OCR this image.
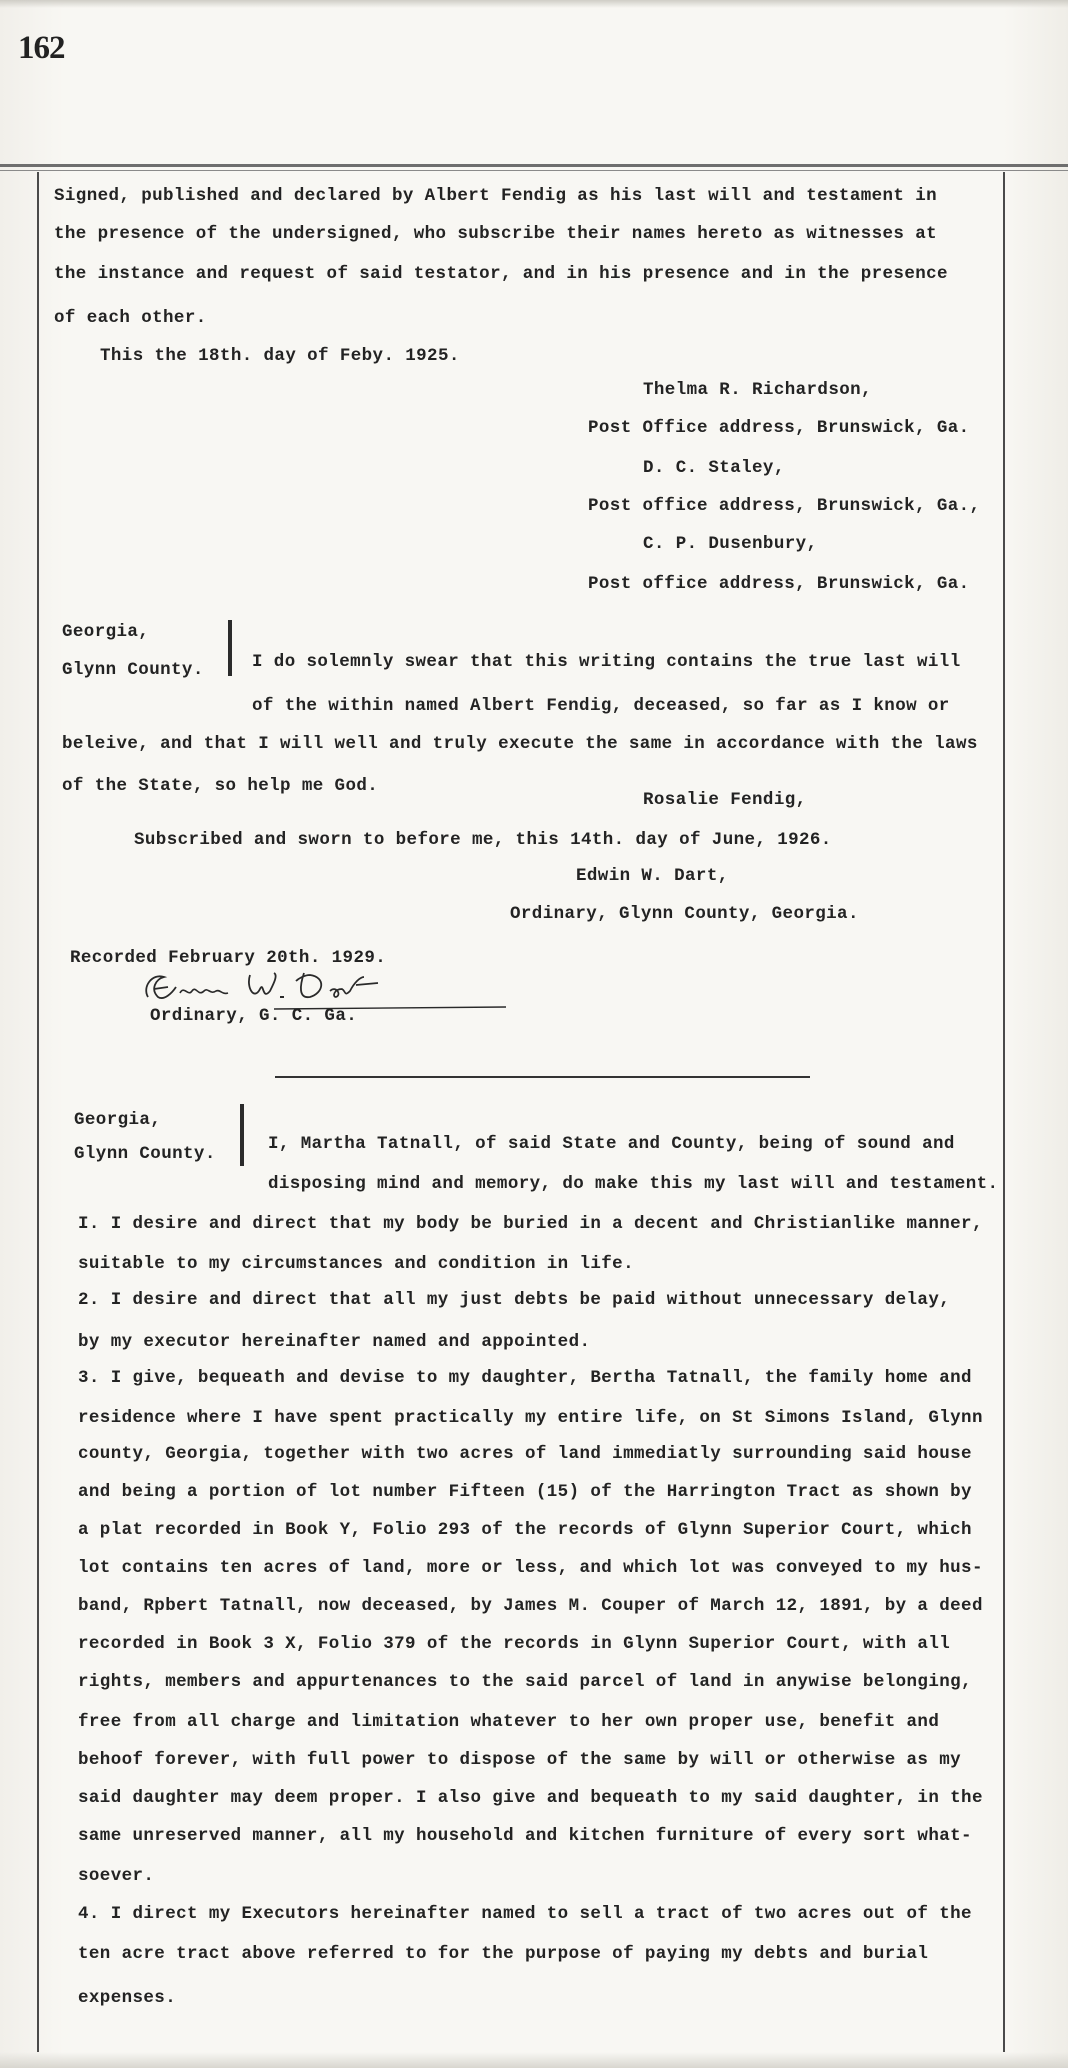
162
Signed, published and declared by Albert Fendig as his last will and testament in
the presence of the undersigned, who subscribe their names hereto as witnesses at
the instance and request of said testator, and in his presence and in the presence
of each other.
This the 18th. day of Feby. 1925.
Thelma R. Richardson,
Post Office address, Brunswick, Ga.
D. C. Staley,
Post office address, Brunswick, Ga.,
C. P. Dusenbury,
Post office address, Brunswick, Ga.
Georgia,
Glynn County.	I do solemnly swear that this writing contains the true last will
of the within named Albert Fendig, deceased, so far as I know or
beleive, and that I will well and truly execute the same in accordance with the laws
of the State, so help me God.
Rosalie Fendig,
Subscribed and sworn to before me, this 14th. day of June, 1926.
Edwin W. Dart,
Ordinary, Glynn County, Georgia.
Recorded February 20th. 1929.
Ordinary, G. C. Ga.
Georgia,
Glynn County.	I, Martha Tatnall, of said State and County, being of sound and
disposing mind and memory, do make this my last will and testament.
I. I desire and direct that my body be buried in a decent and Christianlike manner,
suitable to my circumstances and condition in life.
2. I desire and direct that all my just debts be paid without unnecessary delay,
by my executor hereinafter named and appointed.
3. I give, bequeath and devise to my daughter, Bertha Tatnall, the family home and
residence where I have spent practically my entire life, on St Simons Island, Glynn
county, Georgia, together with two acres of land immediatly surrounding said house
and being a portion of lot number Fifteen (15) of the Harrington Tract as shown by
a plat recorded in Book Y, Folio 293 of the records of Glynn Superior Court, which
lot contains ten acres of land, more or less, and which lot was conveyed to my hus-
band, Rpbert Tatnall, now deceased, by James M. Couper of March 12, 1891, by a deed
recorded in Book 3 X, Folio 379 of the records in Glynn Superior Court, with all
rights, members and appurtenances to the said parcel of land in anywise belonging,
free from all charge and limitation whatever to her own proper use, benefit and
behoof forever, with full power to dispose of the same by will or otherwise as my
said daughter may deem proper. I also give and bequeath to my said daughter, in the
same unreserved manner, all my household and kitchen furniture of every sort what-
soever.
4. I direct my Executors hereinafter named to sell a tract of two acres out of the
ten acre tract above referred to for the purpose of paying my debts and burial
expenses.
